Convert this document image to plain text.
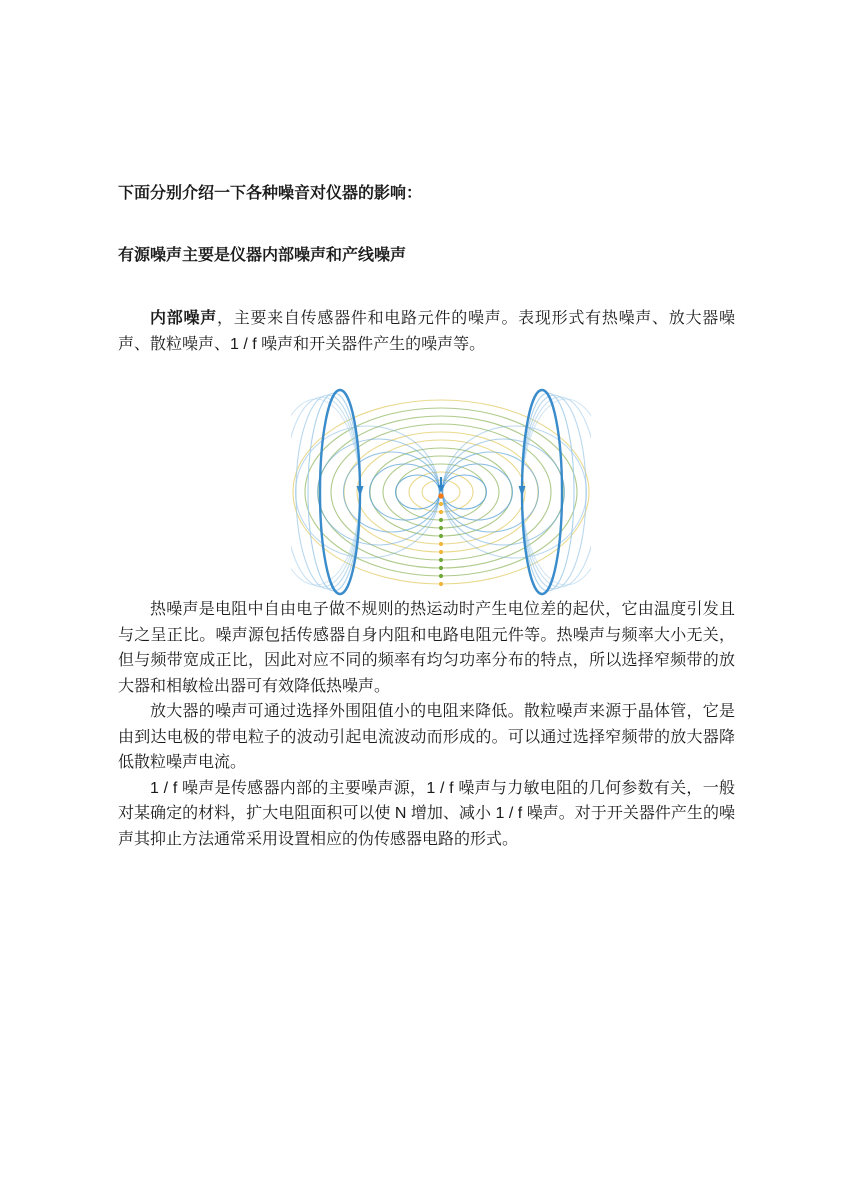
下面分别介绍一下各种噪音对仪器的影响：
有源噪声主要是仪器内部噪声和产线噪声

内部噪声，主要来自传感器件和电路元件的噪声。表现形式有热噪声、放大器噪声、散粒噪声、1 / f 噪声和开关器件产生的噪声等。

热噪声是电阻中自由电子做不规则的热运动时产生电位差的起伏，它由温度引发且与之呈正比。噪声源包括传感器自身内阻和电路电阻元件等。热噪声与频率大小无关，但与频带宽成正比，因此对应不同的频率有均匀功率分布的特点，所以选择窄频带的放大器和相敏检出器可有效降低热噪声。

放大器的噪声可通过选择外围阻值小的电阻来降低。散粒噪声来源于晶体管，它是由到达电极的带电粒子的波动引起电流波动而形成的。可以通过选择窄频带的放大器降低散粒噪声电流。

1 / f 噪声是传感器内部的主要噪声源，1 / f 噪声与力敏电阻的几何参数有关，一般对某确定的材料，扩大电阻面积可以使 N 增加、减小 1 / f 噪声。对于开关器件产生的噪声其抑止方法通常采用设置相应的伪传感器电路的形式。
